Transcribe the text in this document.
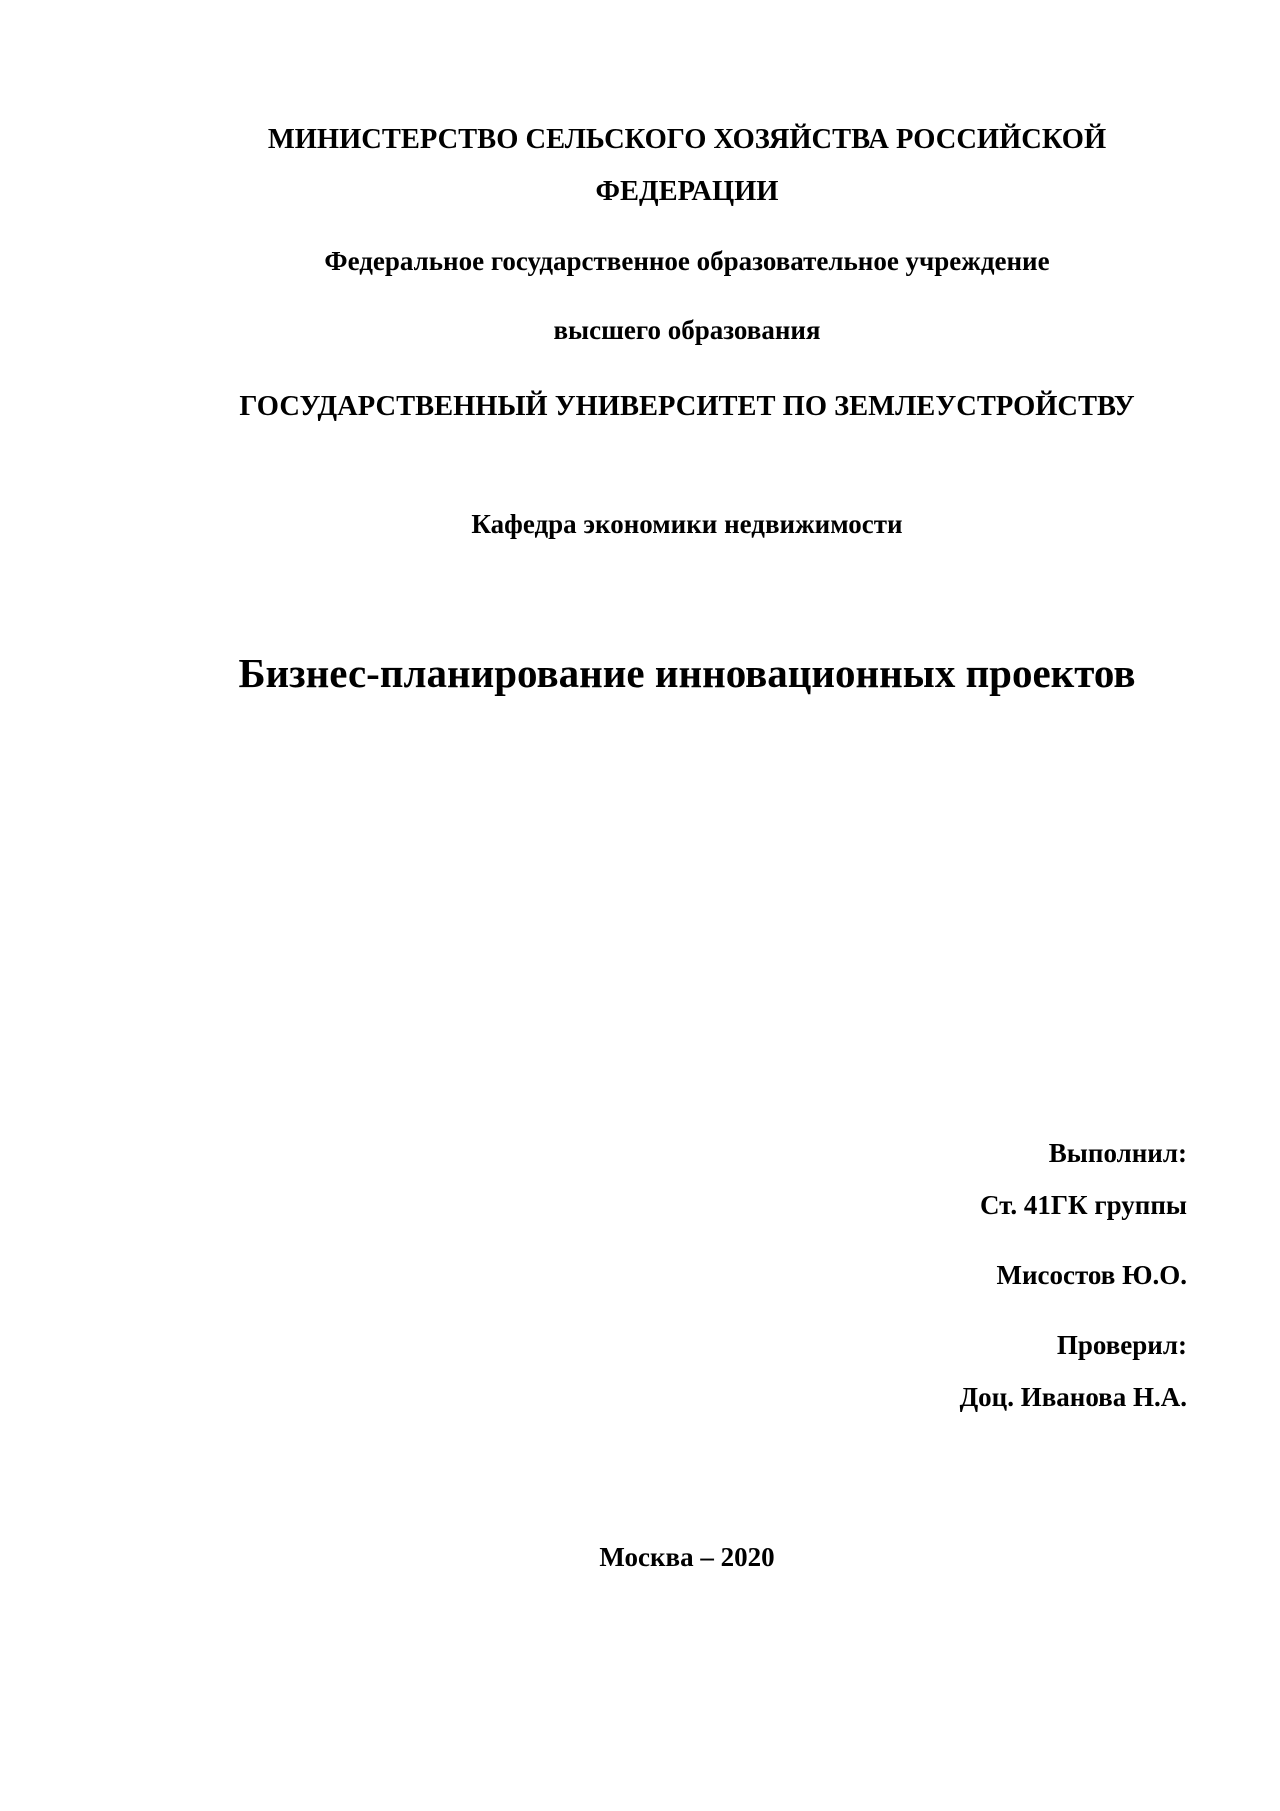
МИНИСТЕРСТВО СЕЛЬСКОГО ХОЗЯЙСТВА РОССИЙСКОЙ
ФЕДЕРАЦИИ
Федеральное государственное образовательное учреждение
высшего образования
ГОСУДАРСТВЕННЫЙ УНИВЕРСИТЕТ ПО ЗЕМЛЕУСТРОЙСТВУ
Кафедра экономики недвижимости
Бизнес-планирование инновационных проектов
Выполнил:
Ст. 41ГК группы
Мисостов Ю.О.
Проверил:
Доц. Иванова Н.А.
Москва – 2020
